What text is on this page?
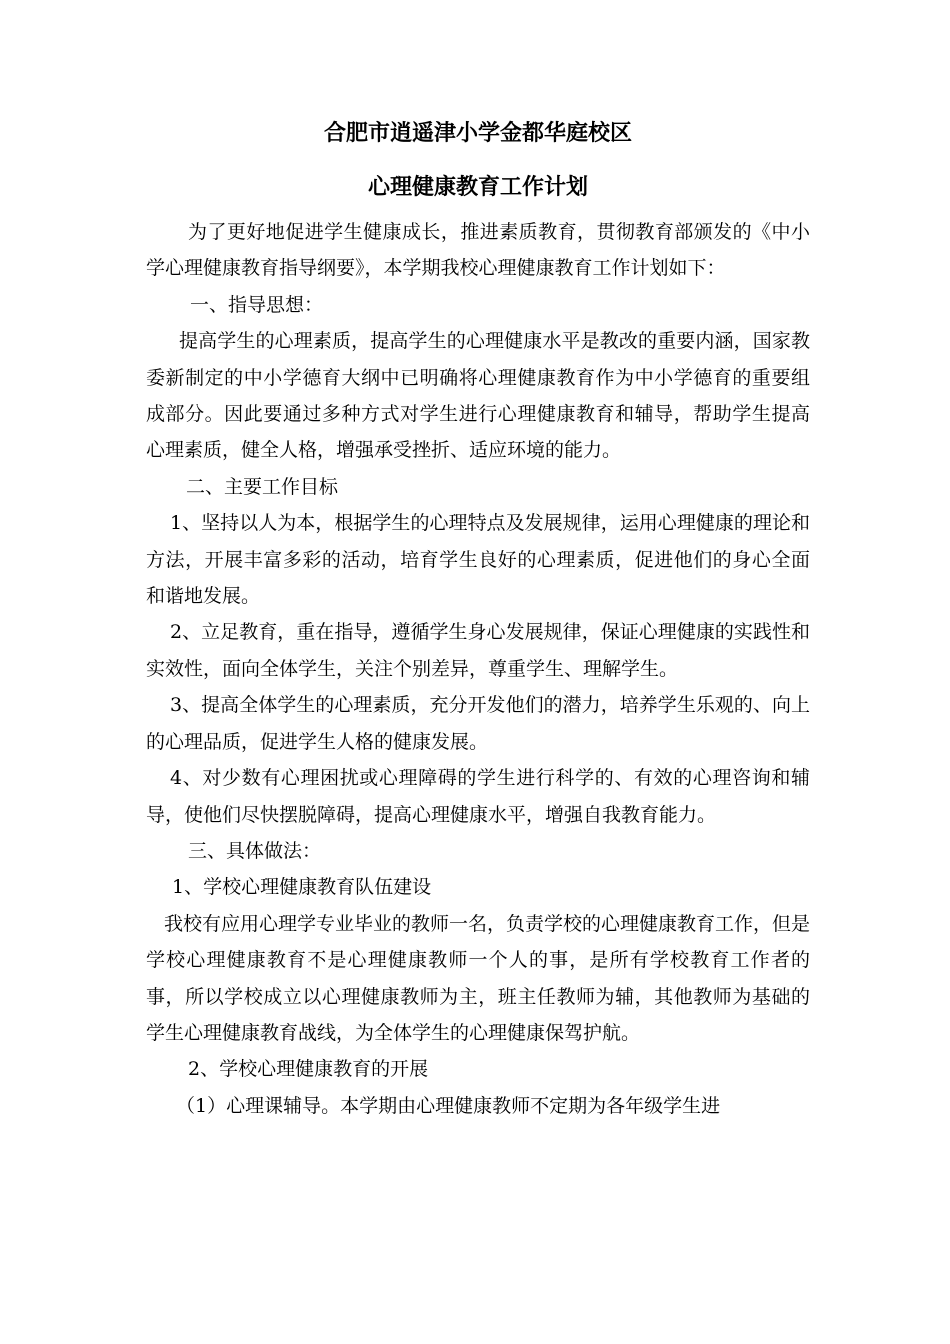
合肥市逍遥津小学金都华庭校区
心理健康教育工作计划

为了更好地促进学生健康成长，推进素质教育，贯彻教育部颁发的《中小学心理健康教育指导纲要》，本学期我校心理健康教育工作计划如下：

一、指导思想：

提高学生的心理素质，提高学生的心理健康水平是教改的重要内涵，国家教委新制定的中小学德育大纲中已明确将心理健康教育作为中小学德育的重要组成部分。因此要通过多种方式对学生进行心理健康教育和辅导，帮助学生提高心理素质，健全人格，增强承受挫折、适应环境的能力。

二、主要工作目标

1、坚持以人为本，根据学生的心理特点及发展规律，运用心理健康的理论和方法，开展丰富多彩的活动，培育学生良好的心理素质，促进他们的身心全面和谐地发展。

2、立足教育，重在指导，遵循学生身心发展规律，保证心理健康的实践性和实效性，面向全体学生，关注个别差异，尊重学生、理解学生。

3、提高全体学生的心理素质，充分开发他们的潜力，培养学生乐观的、向上的心理品质，促进学生人格的健康发展。

4、对少数有心理困扰或心理障碍的学生进行科学的、有效的心理咨询和辅导，使他们尽快摆脱障碍，提高心理健康水平，增强自我教育能力。

三、具体做法：

1、学校心理健康教育队伍建设

我校有应用心理学专业毕业的教师一名，负责学校的心理健康教育工作，但是学校心理健康教育不是心理健康教师一个人的事，是所有学校教育工作者的事，所以学校成立以心理健康教师为主，班主任教师为辅，其他教师为基础的学生心理健康教育战线，为全体学生的心理健康保驾护航。

2、学校心理健康教育的开展

（1）心理课辅导。本学期由心理健康教师不定期为各年级学生进
